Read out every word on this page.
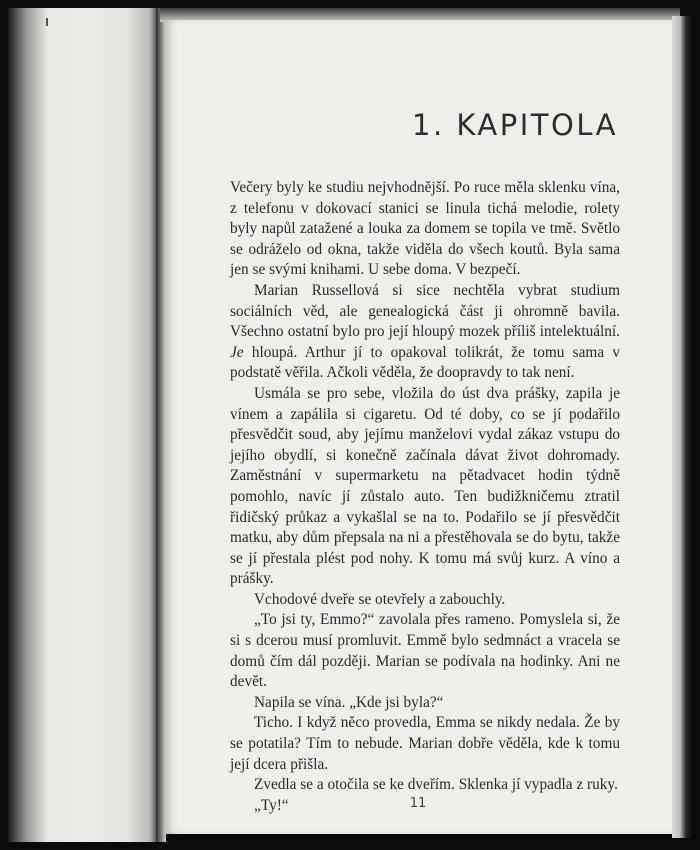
1. KAPITOLA

Večery byly ke studiu nejvhodnější. Po ruce měla sklenku vína, z telefonu v dokovací stanici se linula tichá melodie, rolety byly napůl zatažené a louka za domem se topila ve tmě. Světlo se odráželo od okna, takže viděla do všech koutů. Byla sama jen se svými knihami. U sebe doma. V bezpečí.

Marian Russellová si sice nechtěla vybrat studium sociálních věd, ale genealogická část ji ohromně bavila. Všechno ostatní bylo pro její hloupý mozek příliš intelektuální. Je hloupá. Arthur jí to opakoval tolikrát, že tomu sama v podstatě věřila. Ačkoli věděla, že doopravdy to tak není.

Usmála se pro sebe, vložila do úst dva prášky, zapila je vínem a zapálila si cigaretu. Od té doby, co se jí podařilo přesvědčit soud, aby jejímu manželovi vydal zákaz vstupu do jejího obydlí, si konečně začínala dávat život dohromady. Zaměstnání v supermarketu na pětadvacet hodin týdně pomohlo, navíc jí zůstalo auto. Ten budižkničemu ztratil řidičský průkaz a vykašlal se na to. Podařilo se jí přesvědčit matku, aby dům přepsala na ni a přestěhovala se do bytu, takže se jí přestala plést pod nohy. K tomu má svůj kurz. A víno a prášky.

Vchodové dveře se otevřely a zabouchly.

„To jsi ty, Emmo?“ zavolala přes rameno. Pomyslela si, že si s dcerou musí promluvit. Emmě bylo sedmnáct a vracela se domů čím dál později. Marian se podívala na hodinky. Ani ne devět.

Napila se vína. „Kde jsi byla?“

Ticho. I když něco provedla, Emma se nikdy nedala. Že by se potatila? Tím to nebude. Marian dobře věděla, kde k tomu její dcera přišla.

Zvedla se a otočila se ke dveřím. Sklenka jí vypadla z ruky.

„Ty!“	11
